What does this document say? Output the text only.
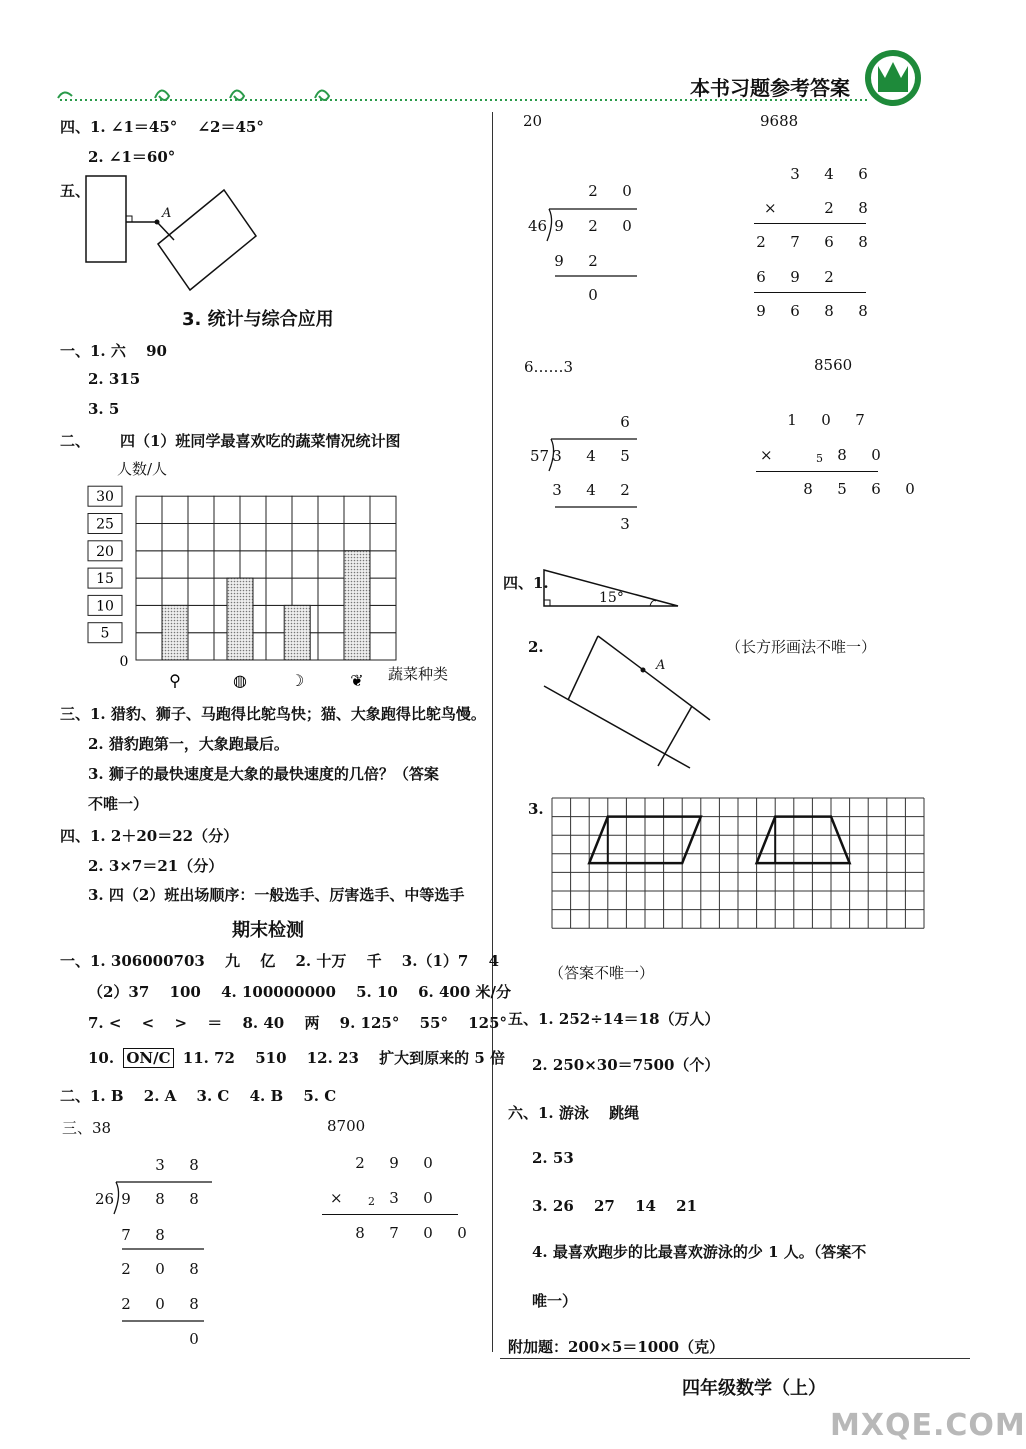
本书习题参考答案
四、1. ∠1＝45°　 ∠2＝45°
2. ∠1＝60°
五、
A
3. 统计与综合应用
一、1. 六　 90
2. 315
3. 5
二、 四（1）班同学最喜欢吃的蔬菜情况统计图
人数/人
⚲	◍	☽	❦
0
5
10
15
20
25
30
蔬菜种类
三、1. 猎豹、狮子、马跑得比鸵鸟快；猫、大象跑得比鸵鸟慢。
2. 猎豹跑第一，大象跑最后。
3. 狮子的最快速度是大象的最快速度的几倍？（答案
不唯一）
四、1. 2＋20＝22（分）
2. 3×7＝21（分）
3. 四（2）班出场顺序：一般选手、厉害选手、中等选手
期末检测
一、1. 306000703　 九　 亿　 2. 十万　 千　 3.（1）7　 4
（2）37　 100　 4. 100000000　 5. 10　 6. 400 米/分
7. <　 <　 >　 ＝　 8. 40　 两　 9. 125°　 55°　 125°
10. ON/C 11. 72　 510　 12. 23　 扩大到原来的 5 倍
二、1. B　 2. A　 3. C　 4. B　 5. C
三、38	8700
3 8
26 9 8 8
7 8
2 0 8
2 0 8
0
2 9 0
× 2 3 0
8 7 0 0
20	9688
2 0
46 9 2 0
9 2
0
3 4 6
×	2 8
2 7 6 8
6 9 2
9 6 8 8
6……3	8560
6
57 3 4 5
3 4 2
3
1 0 7
×	5 8 0
8 5 6 0
四、1.
15°
2.	（长方形画法不唯一）
A
3.
（答案不唯一）
五、1. 252÷14＝18（万人）
2. 250×30＝7500（个）
六、1. 游泳　 跳绳
2. 53
3. 26　 27　 14　 21
4. 最喜欢跑步的比最喜欢游泳的少 1 人。（答案不
唯一）
附加题：200×5＝1000（克）
四年级数学（上）
MXQE.COM
